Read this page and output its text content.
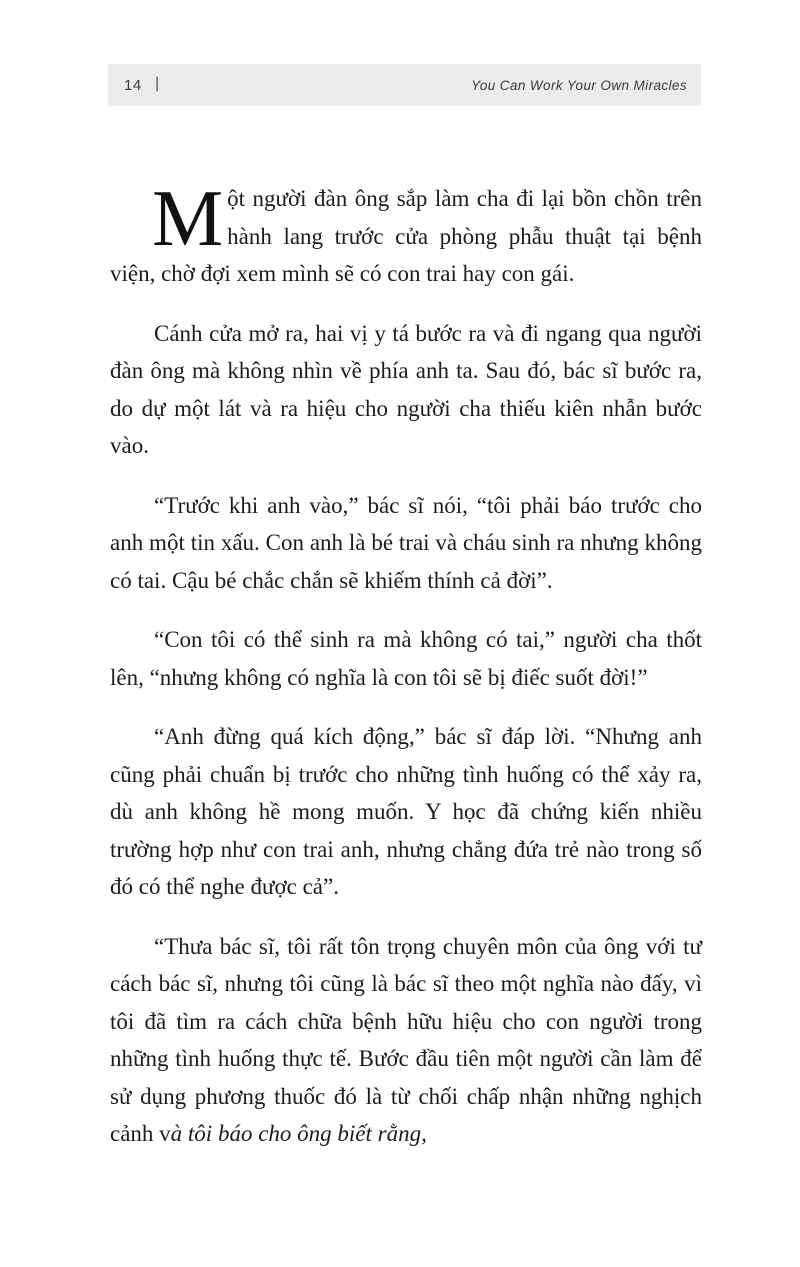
14 |	You Can Work Your Own Miracles

Một người đàn ông sắp làm cha đi lại bồn chồn trên hành lang trước cửa phòng phẫu thuật tại bệnh viện, chờ đợi xem mình sẽ có con trai hay con gái.

Cánh cửa mở ra, hai vị y tá bước ra và đi ngang qua người đàn ông mà không nhìn về phía anh ta. Sau đó, bác sĩ bước ra, do dự một lát và ra hiệu cho người cha thiếu kiên nhẫn bước vào.

“Trước khi anh vào,” bác sĩ nói, “tôi phải báo trước cho anh một tin xấu. Con anh là bé trai và cháu sinh ra nhưng không có tai. Cậu bé chắc chắn sẽ khiếm thính cả đời”.

“Con tôi có thể sinh ra mà không có tai,” người cha thốt lên, “nhưng không có nghĩa là con tôi sẽ bị điếc suốt đời!”

“Anh đừng quá kích động,” bác sĩ đáp lời. “Nhưng anh cũng phải chuẩn bị trước cho những tình huống có thể xảy ra, dù anh không hề mong muốn. Y học đã chứng kiến nhiều trường hợp như con trai anh, nhưng chẳng đứa trẻ nào trong số đó có thể nghe được cả”.

“Thưa bác sĩ, tôi rất tôn trọng chuyên môn của ông với tư cách bác sĩ, nhưng tôi cũng là bác sĩ theo một nghĩa nào đấy, vì tôi đã tìm ra cách chữa bệnh hữu hiệu cho con người trong những tình huống thực tế. Bước đầu tiên một người cần làm để sử dụng phương thuốc đó là từ chối chấp nhận những nghịch cảnh và tôi báo cho ông biết rằng,
